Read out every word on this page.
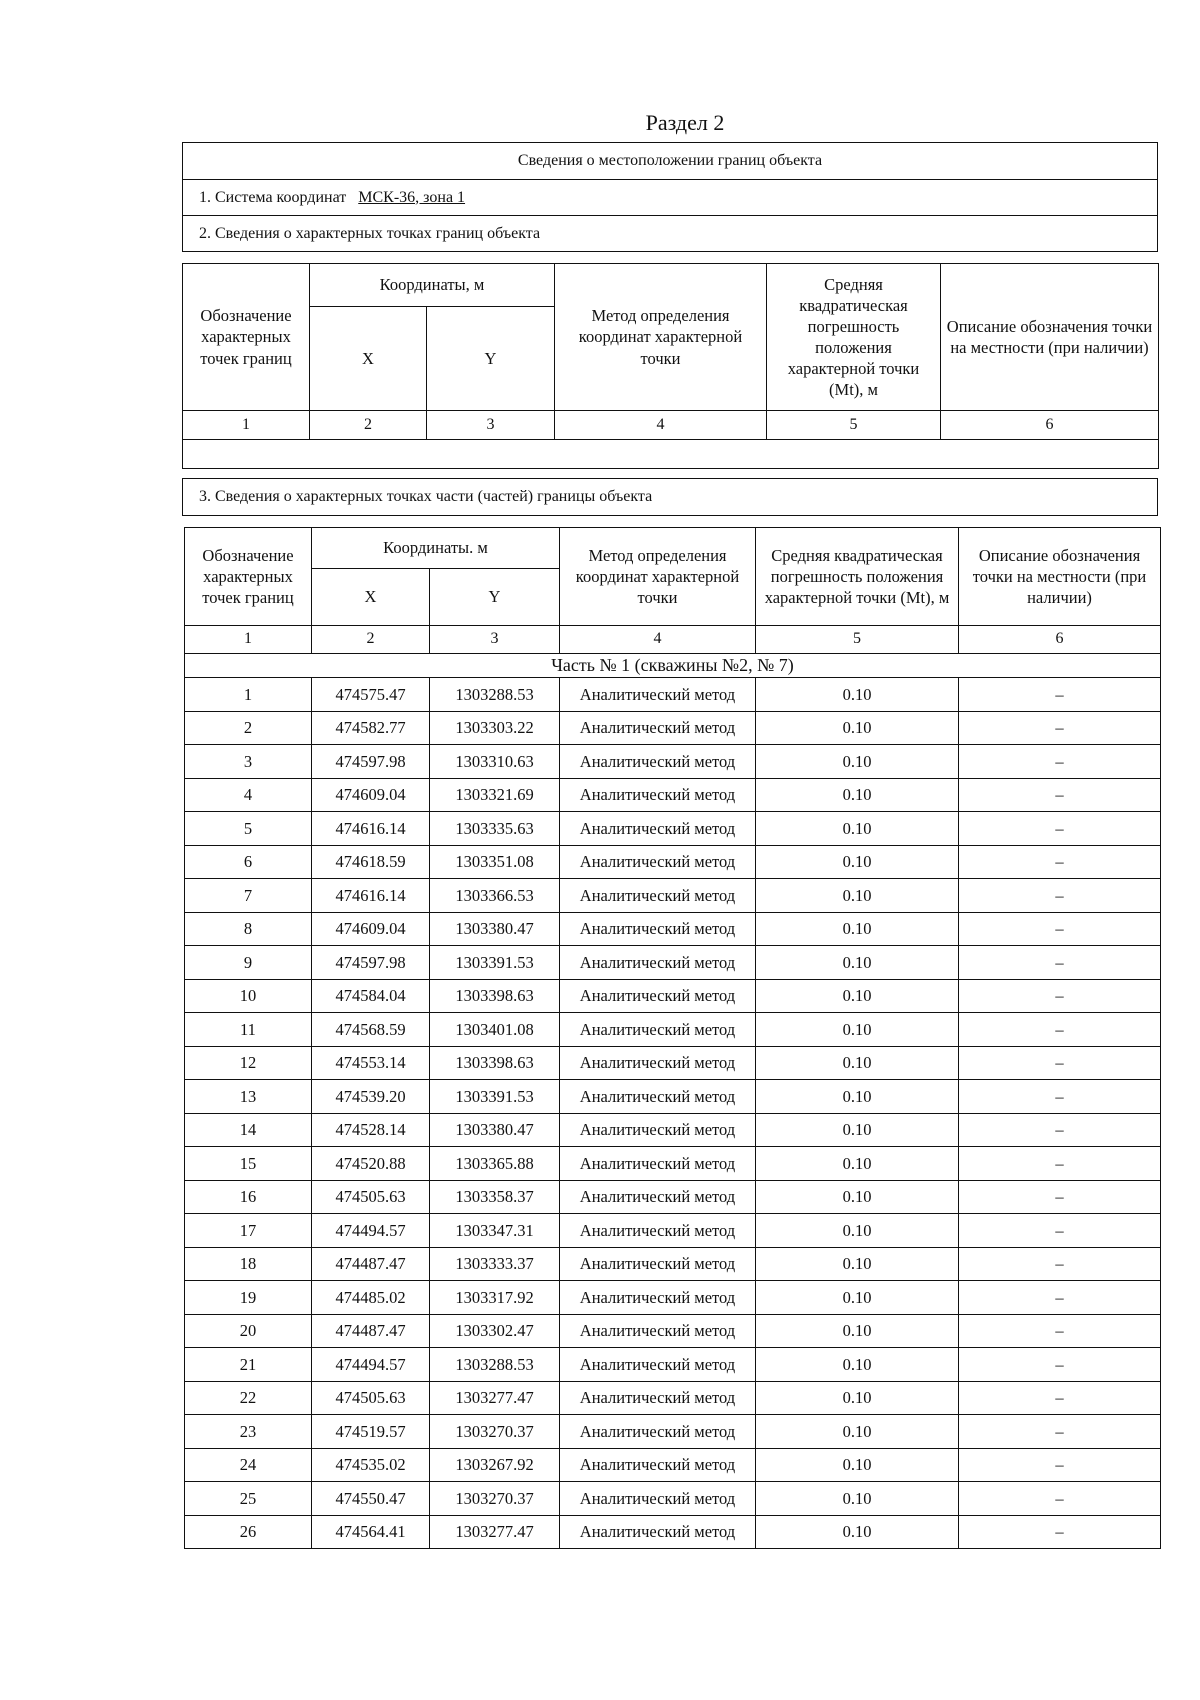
Раздел 2
Сведения о местоположении границ объекта
1. Система координат МСК-36, зона 1
2. Сведения о характерных точках границ объекта
Обозначение характерных точек границ	Координаты, м		Метод определения координат характерной точки	Средняя квадратическая погрешность положения характерной точки (Mt), м	Описание обозначения точки на местности (при наличии)
	X	Y			
1	2	3	4	5	6

3. Сведения о характерных точках части (частей) границы объекта
Обозначение характерных точек границ	Координаты. м		Метод определения координат характерной точки	Средняя квадратическая погрешность положения характерной точки (Mt), м	Описание обозначения точки на местности (при наличии)
	X	Y			
1	2	3	4	5	6
Часть № 1 (скважины №2, № 7)					
1	474575.47	1303288.53	Аналитический метод	0.10	–
2	474582.77	1303303.22	Аналитический метод	0.10	–
3	474597.98	1303310.63	Аналитический метод	0.10	–
4	474609.04	1303321.69	Аналитический метод	0.10	–
5	474616.14	1303335.63	Аналитический метод	0.10	–
6	474618.59	1303351.08	Аналитический метод	0.10	–
7	474616.14	1303366.53	Аналитический метод	0.10	–
8	474609.04	1303380.47	Аналитический метод	0.10	–
9	474597.98	1303391.53	Аналитический метод	0.10	–
10	474584.04	1303398.63	Аналитический метод	0.10	–
11	474568.59	1303401.08	Аналитический метод	0.10	–
12	474553.14	1303398.63	Аналитический метод	0.10	–
13	474539.20	1303391.53	Аналитический метод	0.10	–
14	474528.14	1303380.47	Аналитический метод	0.10	–
15	474520.88	1303365.88	Аналитический метод	0.10	–
16	474505.63	1303358.37	Аналитический метод	0.10	–
17	474494.57	1303347.31	Аналитический метод	0.10	–
18	474487.47	1303333.37	Аналитический метод	0.10	–
19	474485.02	1303317.92	Аналитический метод	0.10	–
20	474487.47	1303302.47	Аналитический метод	0.10	–
21	474494.57	1303288.53	Аналитический метод	0.10	–
22	474505.63	1303277.47	Аналитический метод	0.10	–
23	474519.57	1303270.37	Аналитический метод	0.10	–
24	474535.02	1303267.92	Аналитический метод	0.10	–
25	474550.47	1303270.37	Аналитический метод	0.10	–
26	474564.41	1303277.47	Аналитический метод	0.10	–
